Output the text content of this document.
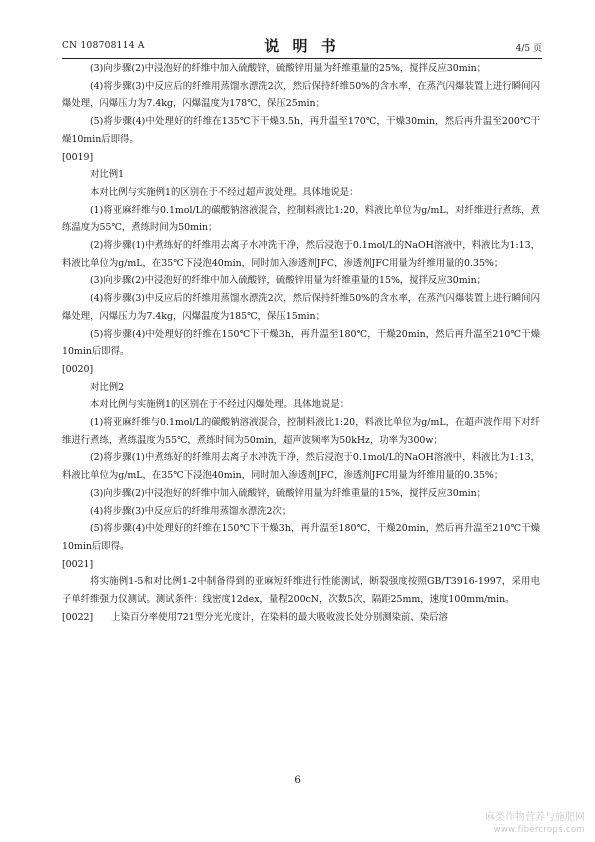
CN 108708114 A	说 明 书	4/5 页

(3)向步骤(2)中浸泡好的纤维中加入硫酸锌，硫酸锌用量为纤维重量的25%，搅拌反应30min；

(4)将步骤(3)中反应后的纤维用蒸馏水漂洗2次，然后保持纤维50%的含水率，在蒸汽闪爆装置上进行瞬间闪爆处理，闪爆压力为7.4kg，闪爆温度为178℃，保压25min；

(5)将步骤(4)中处理好的纤维在135℃下干燥3.5h，再升温至170℃，干燥30min，然后再升温至200℃干燥10min后即得。

[0019]

对比例1

本对比例与实施例1的区别在于不经过超声波处理。具体地说是：

(1)将亚麻纤维与0.1mol/L的碳酸钠溶液混合，控制料液比1:20，料液比单位为g/mL，对纤维进行煮练，煮练温度为55℃，煮练时间为50min；

(2)将步骤(1)中煮练好的纤维用去离子水冲洗干净，然后浸泡于0.1mol/L的NaOH溶液中，料液比为1:13，料液比单位为g/mL，在35℃下浸泡40min，同时加入渗透剂JFC，渗透剂JFC用量为纤维用量的0.35%；

(3)向步骤(2)中浸泡好的纤维中加入硫酸锌，硫酸锌用量为纤维重量的15%，搅拌反应30min；

(4)将步骤(3)中反应后的纤维用蒸馏水漂洗2次，然后保持纤维50%的含水率，在蒸汽闪爆装置上进行瞬间闪爆处理，闪爆压力为7.4kg，闪爆温度为185℃，保压15min；

(5)将步骤(4)中处理好的纤维在150℃下干燥3h，再升温至180℃，干燥20min，然后再升温至210℃干燥10min后即得。

[0020]

对比例2

本对比例与实施例1的区别在于不经过闪爆处理。具体地说是：

(1)将亚麻纤维与0.1mol/L的碳酸钠溶液混合，控制料液比1:20，料液比单位为g/mL，在超声波作用下对纤维进行煮练，煮练温度为55℃，煮练时间为50min，超声波频率为50kHz，功率为300w；

(2)将步骤(1)中煮练好的纤维用去离子水冲洗干净，然后浸泡于0.1mol/L的NaOH溶液中，料液比为1:13，料液比单位为g/mL，在35℃下浸泡40min，同时加入渗透剂JFC，渗透剂JFC用量为纤维用量的0.35%；

(3)向步骤(2)中浸泡好的纤维中加入硫酸锌，硫酸锌用量为纤维重量的15%，搅拌反应30min；

(4)将步骤(3)中反应后的纤维用蒸馏水漂洗2次；

(5)将步骤(4)中处理好的纤维在150℃下干燥3h，再升温至180℃，干燥20min，然后再升温至210℃干燥10min后即得。

[0021]

将实施例1-5和对比例1-2中制备得到的亚麻短纤维进行性能测试，断裂强度按照GB/T3916-1997，采用电子单纤维强力仪测试。测试条件：线密度12dex，量程200cN，次数5次，隔距25mm，速度100mm/min。

[0022] 上染百分率使用721型分光光度计，在染料的最大吸收波长处分别测染前、染后溶

6
麻类作物营养与施肥网
www.fibercrops.com
